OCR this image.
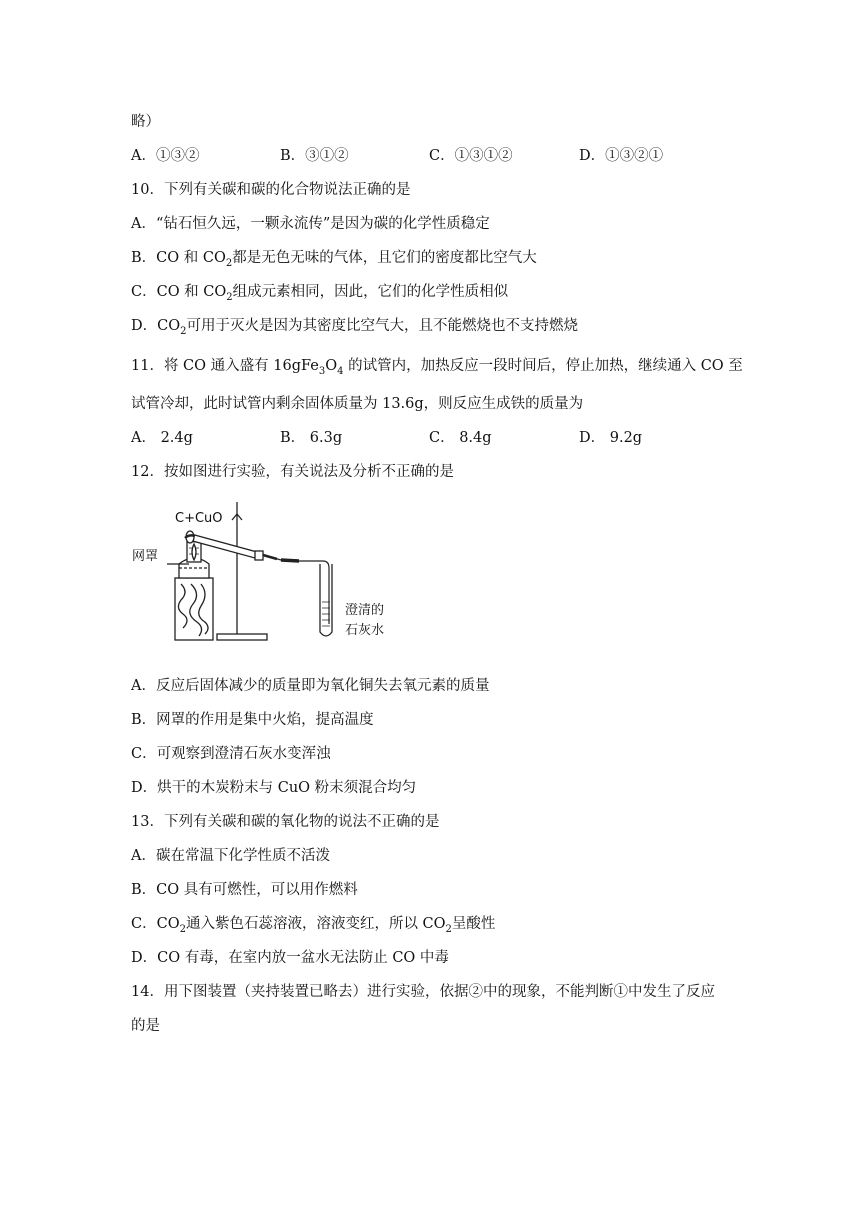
略）
A．①③②	B．③①②	C．①③①②	D．①③②①
10．下列有关碳和碳的化合物说法正确的是
A．“钻石恒久远，一颗永流传”是因为碳的化学性质稳定
B．CO 和 $CO_2$都是无色无味的气体，且它们的密度都比空气大
C．CO 和 $CO_2$组成元素相同，因此，它们的化学性质相似
D．$CO_2$可用于灭火是因为其密度比空气大，且不能燃烧也不支持燃烧
11．将 CO 通入盛有 $16gFe_3O_4$ 的试管内，加热反应一段时间后，停止加热，继续通入 CO 至
试管冷却，此时试管内剩余固体质量为 13.6g，则反应生成铁的质量为
A． 2.4g	B． 6.3g	C． 8.4g	D． 9.2g
12．按如图进行实验，有关说法及分析不正确的是
C+CuO
网罩
澄清的
石灰水
A．反应后固体减少的质量即为氧化铜失去氧元素的质量
B．网罩的作用是集中火焰，提高温度
C．可观察到澄清石灰水变浑浊
D．烘干的木炭粉末与 CuO 粉末须混合均匀
13．下列有关碳和碳的氧化物的说法不正确的是
A．碳在常温下化学性质不活泼
B．CO 具有可燃性，可以用作燃料
C．$CO_2$通入紫色石蕊溶液，溶液变红，所以 $CO_2$呈酸性
D．CO 有毒，在室内放一盆水无法防止 CO 中毒
14．用下图装置（夹持装置已略去）进行实验，依据②中的现象，不能判断①中发生了反应
的是
